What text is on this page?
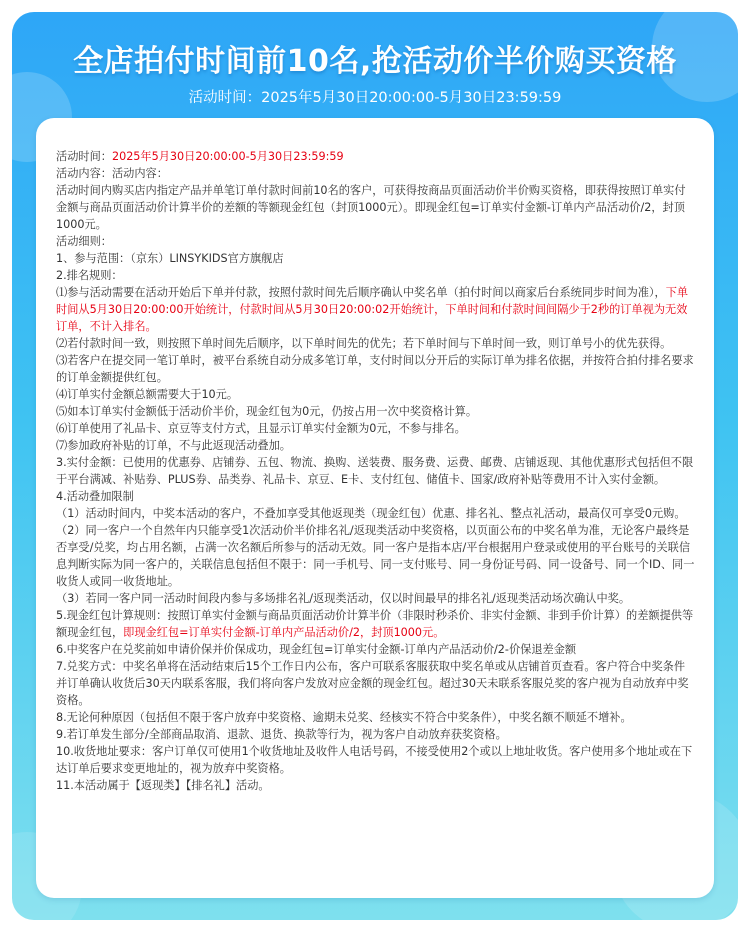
全店拍付时间前10名,抢活动价半价购买资格
活动时间：2025年5月30日20:00:00-5月30日23:59:59

活动时间：2025年5月30日20:00:00-5月30日23:59:59

活动内容：活动内容：

活动时间内购买店内指定产品并单笔订单付款时间前10名的客户，可获得按商品页面活动价半价购买资格，即获得按照订单实付金额与商品页面活动价计算半价的差额的等额现金红包（封顶1000元）。即现金红包=订单实付金额-订单内产品活动价/2，封顶1000元。

活动细则：

1、参与范围：（京东）LINSYKIDS官方旗舰店

2.排名规则：

⑴参与活动需要在活动开始后下单并付款，按照付款时间先后顺序确认中奖名单（拍付时间以商家后台系统同步时间为准），下单时间从5月30日20:00:00开始统计，付款时间从5月30日20:00:02开始统计，下单时间和付款时间间隔少于2秒的订单视为无效订单，不计入排名。

⑵若付款时间一致，则按照下单时间先后顺序，以下单时间先的优先；若下单时间与下单时间一致，则订单号小的优先获得。

⑶若客户在提交同一笔订单时，被平台系统自动分成多笔订单，支付时间以分开后的实际订单为排名依据，并按符合拍付排名要求的订单金额提供红包。

⑷订单实付金额总额需要大于10元。

⑸如本订单实付金额低于活动价半价，现金红包为0元，仍按占用一次中奖资格计算。

⑹订单使用了礼品卡、京豆等支付方式，且显示订单实付金额为0元，不参与排名。

⑺参加政府补贴的订单，不与此返现活动叠加。

3.实付金额：已使用的优惠券、店铺券、五包、物流、换购、送装费、服务费、运费、邮费、店铺返现、其他优惠形式包括但不限于平台满减、补贴券、PLUS券、品类券、礼品卡、京豆、E卡、支付红包、储值卡、国家/政府补贴等费用不计入实付金额。

4.活动叠加限制

（1）活动时间内，中奖本活动的客户，不叠加享受其他返现类（现金红包）优惠、排名礼、整点礼活动，最高仅可享受0元购。

（2）同一客户一个自然年内只能享受1次活动价半价排名礼/返现类活动中奖资格，以页面公布的中奖名单为准，无论客户最终是否享受/兑奖，均占用名额，占满一次名额后所参与的活动无效。同一客户是指本店/平台根据用户登录或使用的平台账号的关联信息判断实际为同一客户的，关联信息包括但不限于：同一手机号、同一支付账号、同一身份证号码、同一设备号、同一个ID、同一收货人或同一收货地址。

（3）若同一客户同一活动时间段内参与多场排名礼/返现类活动，仅以时间最早的排名礼/返现类活动场次确认中奖。

5.现金红包计算规则：按照订单实付金额与商品页面活动价计算半价（非限时秒杀价、非实付金额、非到手价计算）的差额提供等额现金红包，即现金红包=订单实付金额-订单内产品活动价/2，封顶1000元。

6.中奖客户在兑奖前如申请价保并价保成功，现金红包=订单实付金额-订单内产品活动价/2-价保退差金额

7.兑奖方式：中奖名单将在活动结束后15个工作日内公布，客户可联系客服获取中奖名单或从店铺首页查看。客户符合中奖条件并订单确认收货后30天内联系客服，我们将向客户发放对应金额的现金红包。超过30天未联系客服兑奖的客户视为自动放弃中奖资格。

8.无论何种原因（包括但不限于客户放弃中奖资格、逾期未兑奖、经核实不符合中奖条件），中奖名额不顺延不增补。

9.若订单发生部分/全部商品取消、退款、退货、换款等行为，视为客户自动放弃获奖资格。

10.收货地址要求：客户订单仅可使用1个收货地址及收件人电话号码，不接受使用2个或以上地址收货。客户使用多个地址或在下达订单后要求变更地址的，视为放弃中奖资格。

11.本活动属于【返现类】【排名礼】活动。
